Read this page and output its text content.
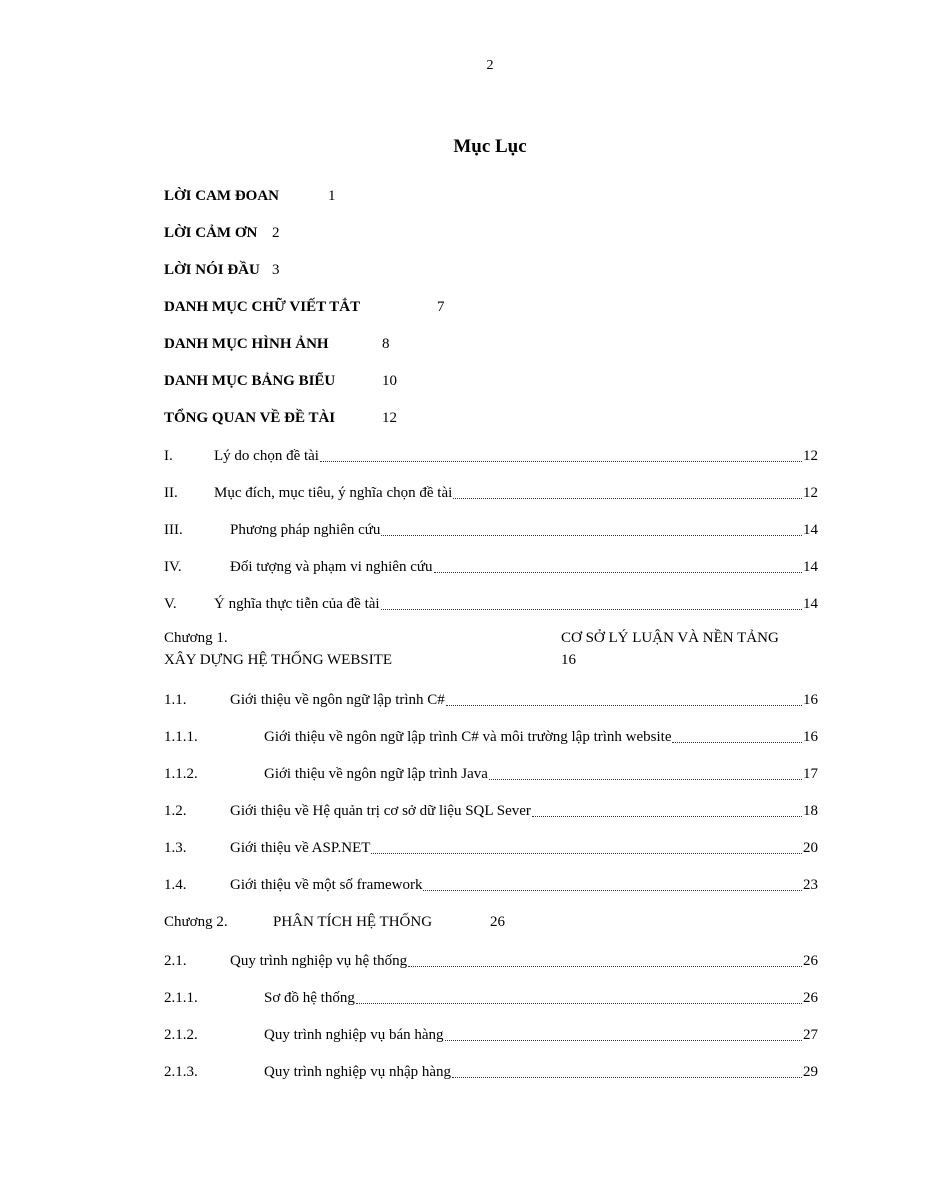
2
Mục Lục
LỜI CAM ĐOAN	1
LỜI CẢM ƠN 2
LỜI NÓI ĐẦU 3
DANH MỤC CHỮ VIẾT TẮT	7
DANH MỤC HÌNH ẢNH	8
DANH MỤC BẢNG BIỂU	10
TỔNG QUAN VỀ ĐỀ TÀI	12
I.	Lý do chọn đề tài	12
II.	Mục đích, mục tiêu, ý nghĩa chọn đề tài	12
III.	Phương pháp nghiên cứu	14
IV.	Đối tượng và phạm vi nghiên cứu	14
V.	Ý nghĩa thực tiễn của đề tài	14
Chương 1.	CƠ SỞ LÝ LUẬN VÀ NỀN TẢNG
XÂY DỰNG HỆ THỐNG WEBSITE	16
1.1.	Giới thiệu về ngôn ngữ lập trình C#	16
1.1.1.	Giới thiệu về ngôn ngữ lập trình C# và môi trường lập trình website	16
1.1.2.	Giới thiệu về ngôn ngữ lập trình Java	17
1.2.	Giới thiệu về Hệ quản trị cơ sở dữ liệu SQL Sever	18
1.3.	Giới thiệu về ASP.NET	20
1.4.	Giới thiệu về một số framework	23
Chương 2.	PHÂN TÍCH HỆ THỐNG	26
2.1.	Quy trình nghiệp vụ hệ thống	26
2.1.1.	Sơ đồ hệ thống	26
2.1.2.	Quy trình nghiệp vụ bán hàng	27
2.1.3.	Quy trình nghiệp vụ nhập hàng	29
